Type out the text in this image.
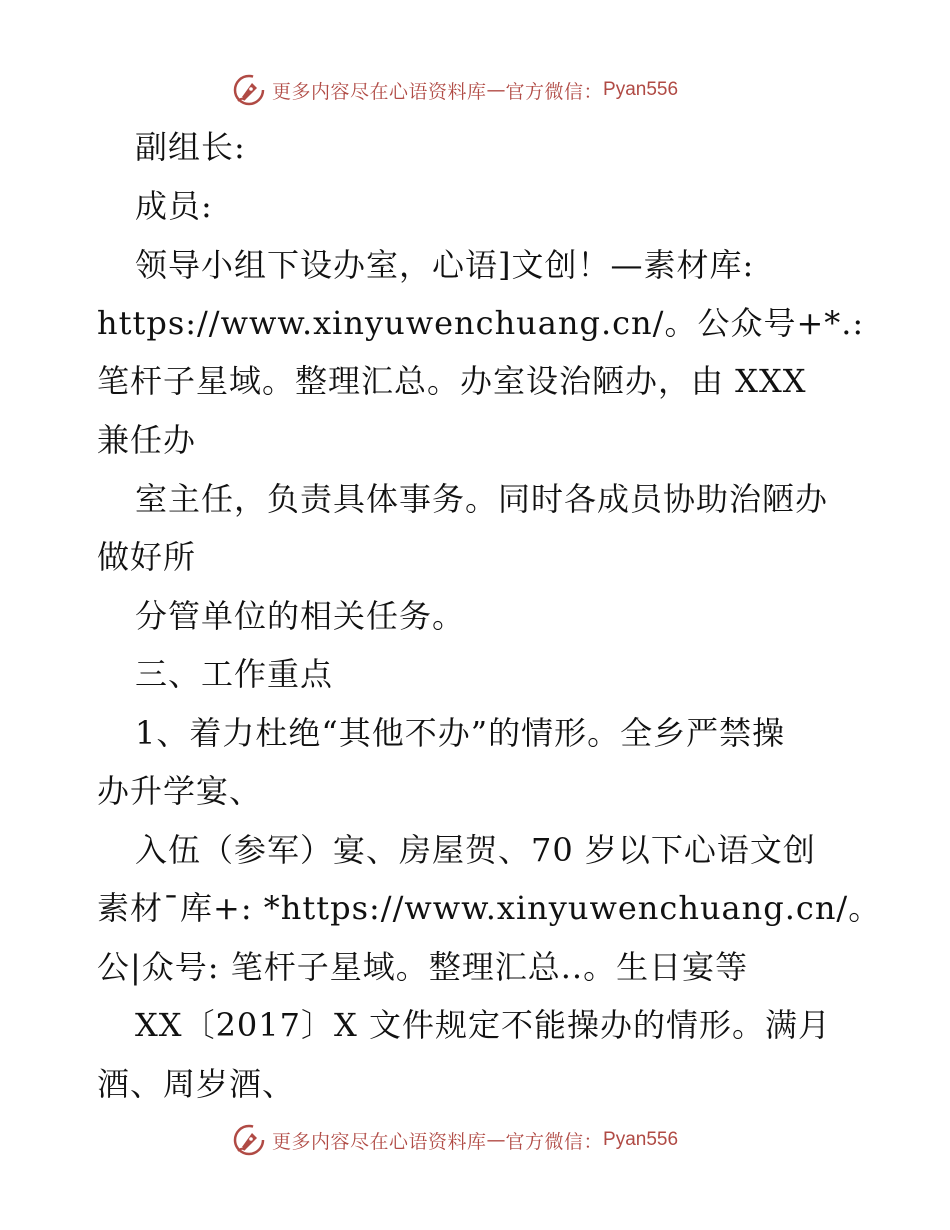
更多内容尽在心语资料库 — 官方微信： Pyan556
副组长:
成员:
领导小组下设办室，心语]文创！—素材库:
https://www.xinyuwenchuang.cn/。公众号+*.:
笔杆子星域。整理汇总。办室设治陋办，由 XXX
兼任办
室主任，负责具体事务。同时各成员协助治陋办
做好所
分管单位的相关任务。
三、工作重点
1、着力杜绝“其他不办”的情形。全乡严禁操
办升学宴、
入伍（参军）宴、房屋贺、70 岁以下心语文创
素材¯库+: *https://www.xinyuwenchuang.cn/。
公|众号: 笔杆子星域。整理汇总..。生日宴等
XX〔2017〕X 文件规定不能操办的情形。满月
酒、周岁酒、
更多内容尽在心语资料库 — 官方微信： Pyan556
